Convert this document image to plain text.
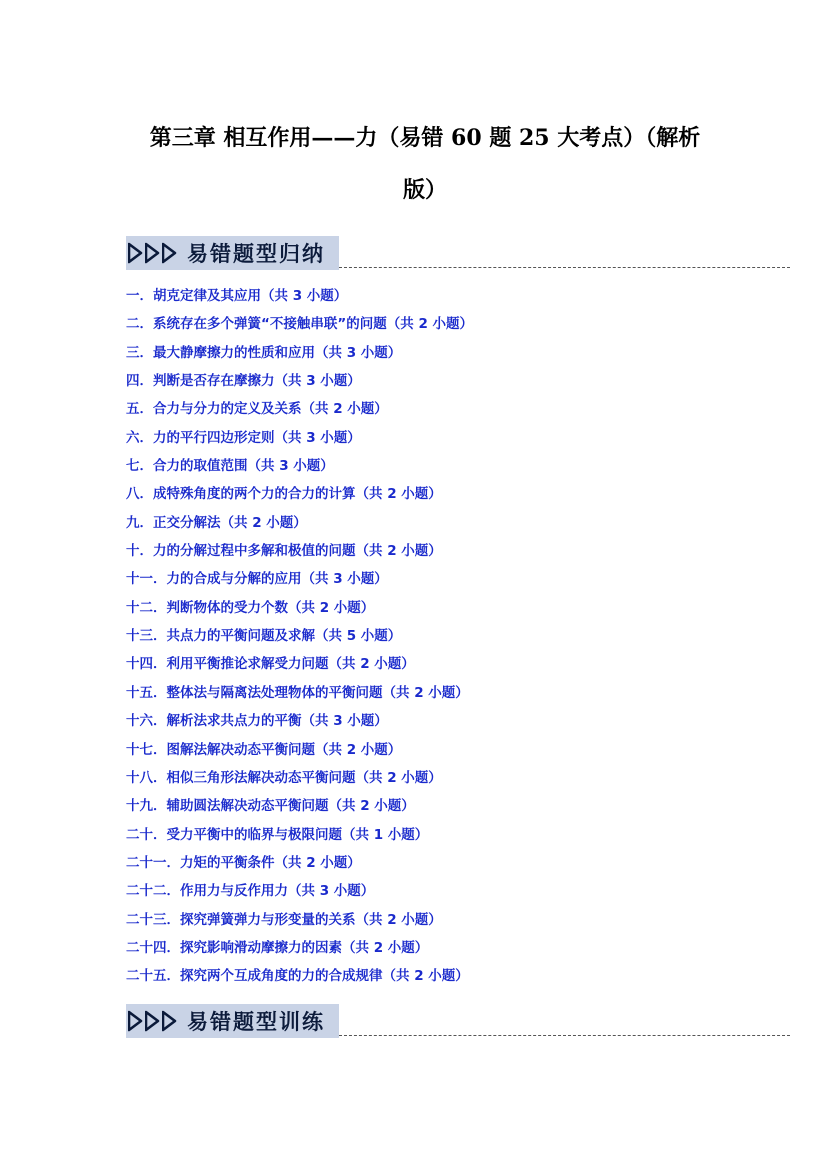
第三章 相互作用——力（易错 60 题 25 大考点）（解析
版）
易错题型归纳
一．胡克定律及其应用（共 3 小题）
二．系统存在多个弹簧“不接触串联”的问题（共 2 小题）
三．最大静摩擦力的性质和应用（共 3 小题）
四．判断是否存在摩擦力（共 3 小题）
五．合力与分力的定义及关系（共 2 小题）
六．力的平行四边形定则（共 3 小题）
七．合力的取值范围（共 3 小题）
八．成特殊角度的两个力的合力的计算（共 2 小题）
九．正交分解法（共 2 小题）
十．力的分解过程中多解和极值的问题（共 2 小题）
十一．力的合成与分解的应用（共 3 小题）
十二．判断物体的受力个数（共 2 小题）
十三．共点力的平衡问题及求解（共 5 小题）
十四．利用平衡推论求解受力问题（共 2 小题）
十五．整体法与隔离法处理物体的平衡问题（共 2 小题）
十六．解析法求共点力的平衡（共 3 小题）
十七．图解法解决动态平衡问题（共 2 小题）
十八．相似三角形法解决动态平衡问题（共 2 小题）
十九．辅助圆法解决动态平衡问题（共 2 小题）
二十．受力平衡中的临界与极限问题（共 1 小题）
二十一．力矩的平衡条件（共 2 小题）
二十二．作用力与反作用力（共 3 小题）
二十三．探究弹簧弹力与形变量的关系（共 2 小题）
二十四．探究影响滑动摩擦力的因素（共 2 小题）
二十五．探究两个互成角度的力的合成规律（共 2 小题）
易错题型训练
